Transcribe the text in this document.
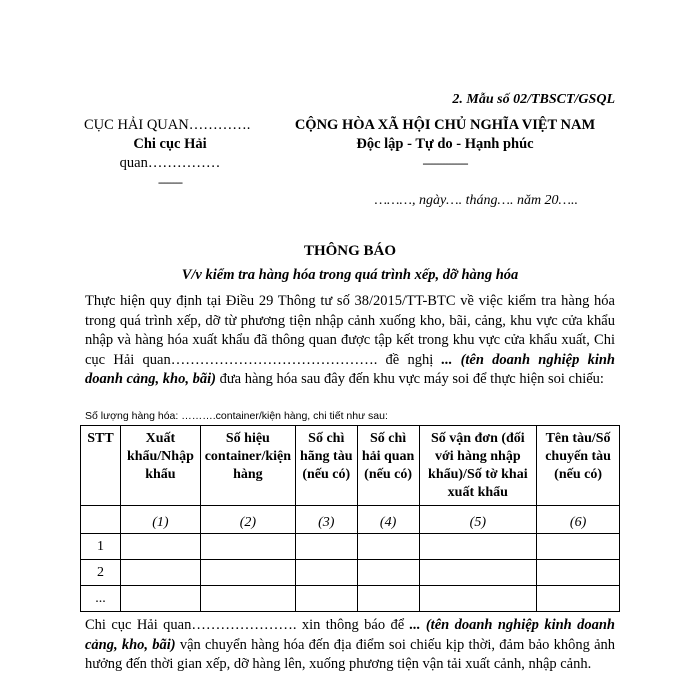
2. Mẫu số 02/TBSCT/GSQL
CỤC HẢI QUAN………….
Chi cục Hải
quan……………
--------
CỘNG HÒA XÃ HỘI CHỦ NGHĨA VIỆT NAM
Độc lập - Tự do - Hạnh phúc
---------------
………, ngày…. tháng…. năm 20…..
THÔNG BÁO
V/v kiểm tra hàng hóa trong quá trình xếp, dỡ hàng hóa
Thực hiện quy định tại Điều 29 Thông tư số 38/2015/TT-BTC về việc kiểm tra hàng hóa trong quá trình xếp, dỡ từ phương tiện nhập cảnh xuống kho, bãi, cảng, khu vực cửa khẩu nhập và hàng hóa xuất khẩu đã thông quan được tập kết trong khu vực cửa khẩu xuất, Chi cục Hải quan……………………………………. đề nghị ... (tên doanh nghiệp kinh doanh cảng, kho, bãi) đưa hàng hóa sau đây đến khu vực máy soi để thực hiện soi chiếu:
Số lượng hàng hóa: ……….container/kiện hàng, chi tiết như sau:
STT	Xuất khẩu/Nhập khẩu	Số hiệu container/kiện hàng	Số chì hãng tàu (nếu có)	Số chì hải quan (nếu có)	Số vận đơn (đối với hàng nhập khẩu)/Số tờ khai xuất khẩu	Tên tàu/Số chuyến tàu (nếu có)
	(1)	(2)	(3)	(4)	(5)	(6)
1						
2						
...						
Chi cục Hải quan…………………. xin thông báo để ... (tên doanh nghiệp kinh doanh cảng, kho, bãi) vận chuyển hàng hóa đến địa điểm soi chiếu kịp thời, đảm bảo không ảnh hưởng đến thời gian xếp, dỡ hàng lên, xuống phương tiện vận tải xuất cảnh, nhập cảnh.
